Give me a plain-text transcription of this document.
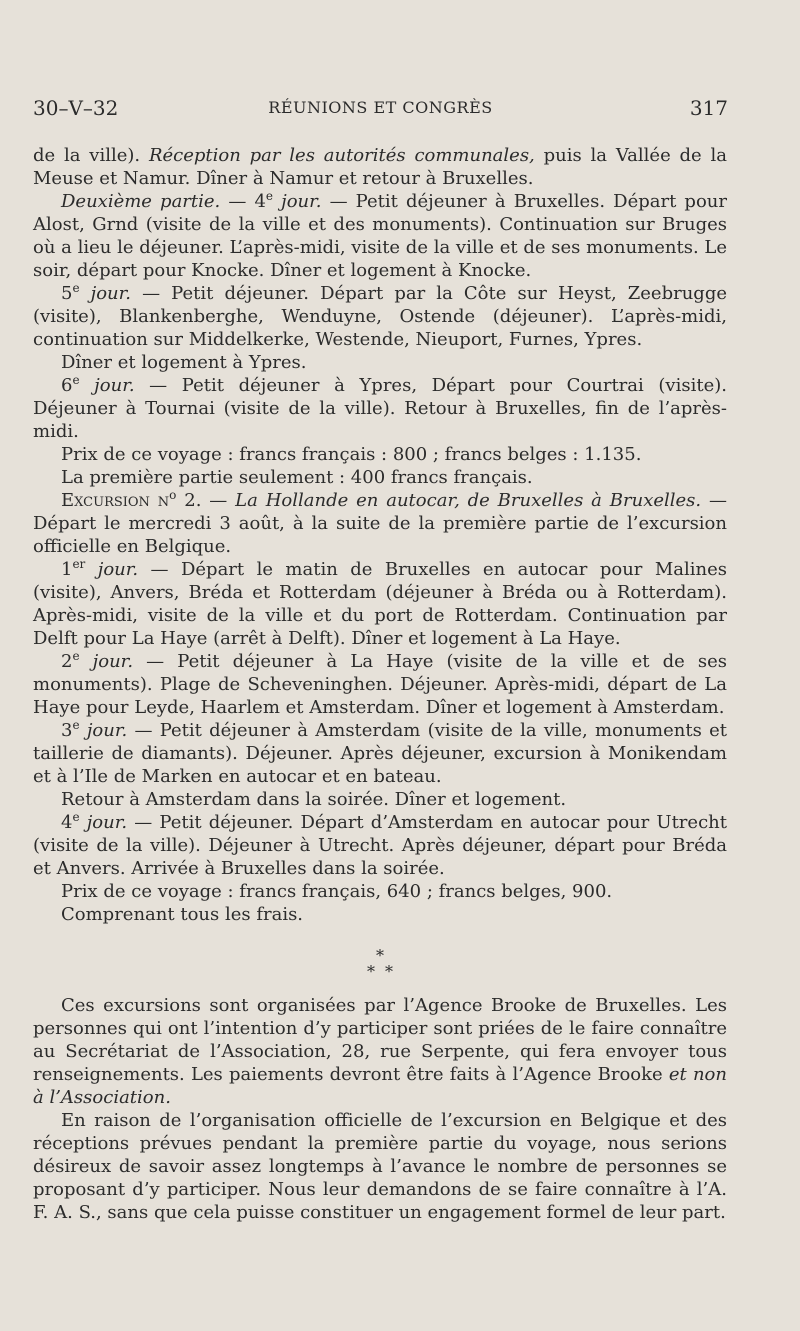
30–V–32	RÉUNIONS ET CONGRÈS	317

de la ville). Réception par les autorités communales, puis la Vallée de la Meuse et Namur. Dîner à Namur et retour à Bruxelles.

Deuxième partie. — 4e jour. — Petit déjeuner à Bruxelles. Départ pour Alost, Grnd (visite de la ville et des monuments). Continuation sur Bruges où a lieu le déjeuner. L’après-midi, visite de la ville et de ses monuments. Le soir, départ pour Knocke. Dîner et logement à Knocke.

5e jour. — Petit déjeuner. Départ par la Côte sur Heyst, Zeebrugge (visite), Blankenberghe, Wenduyne, Ostende (déjeuner). L’après-midi, continuation sur Middelkerke, Westende, Nieuport, Furnes, Ypres.

Dîner et logement à Ypres.

6e jour. — Petit déjeuner à Ypres, Départ pour Courtrai (visite). Déjeuner à Tournai (visite de la ville). Retour à Bruxelles, fin de l’après-midi.

Prix de ce voyage : francs français : 800 ; francs belges : 1.135.

La première partie seulement : 400 francs français.

Excursion $n^o$ 2. — La Hollande en autocar, de Bruxelles à Bruxelles. — Départ le mercredi 3 août, à la suite de la première partie de l’excursion officielle en Belgique.

1er jour. — Départ le matin de Bruxelles en autocar pour Malines (visite), Anvers, Bréda et Rotterdam (déjeuner à Bréda ou à Rotterdam). Après-midi, visite de la ville et du port de Rotterdam. Continuation par Delft pour La Haye (arrêt à Delft). Dîner et logement à La Haye.

2e jour. — Petit déjeuner à La Haye (visite de la ville et de ses monuments). Plage de Scheveninghen. Déjeuner. Après-midi, départ de La Haye pour Leyde, Haarlem et Amsterdam. Dîner et logement à Amsterdam.

3e jour. — Petit déjeuner à Amsterdam (visite de la ville, monuments et taillerie de diamants). Déjeuner. Après déjeuner, excursion à Monikendam et à l’Ile de Marken en autocar et en bateau.

Retour à Amsterdam dans la soirée. Dîner et logement.

4e jour. — Petit déjeuner. Départ d’Amsterdam en autocar pour Utrecht (visite de la ville). Déjeuner à Utrecht. Après déjeuner, départ pour Bréda et Anvers. Arrivée à Bruxelles dans la soirée.

Prix de ce voyage : francs français, 640 ; francs belges, 900.

Comprenant tous les frais.

*
**

Ces excursions sont organisées par l’Agence Brooke de Bruxelles. Les personnes qui ont l’intention d’y participer sont priées de le faire connaître au Secrétariat de l’Association, 28, rue Serpente, qui fera envoyer tous renseignements. Les paiements devront être faits à l’Agence Brooke et non à l’Association.

En raison de l’organisation officielle de l’excursion en Belgique et des réceptions prévues pendant la première partie du voyage, nous serions désireux de savoir assez longtemps à l’avance le nombre de personnes se proposant d’y participer. Nous leur demandons de se faire connaître à l’A. F. A. S., sans que cela puisse constituer un engagement formel de leur part.
